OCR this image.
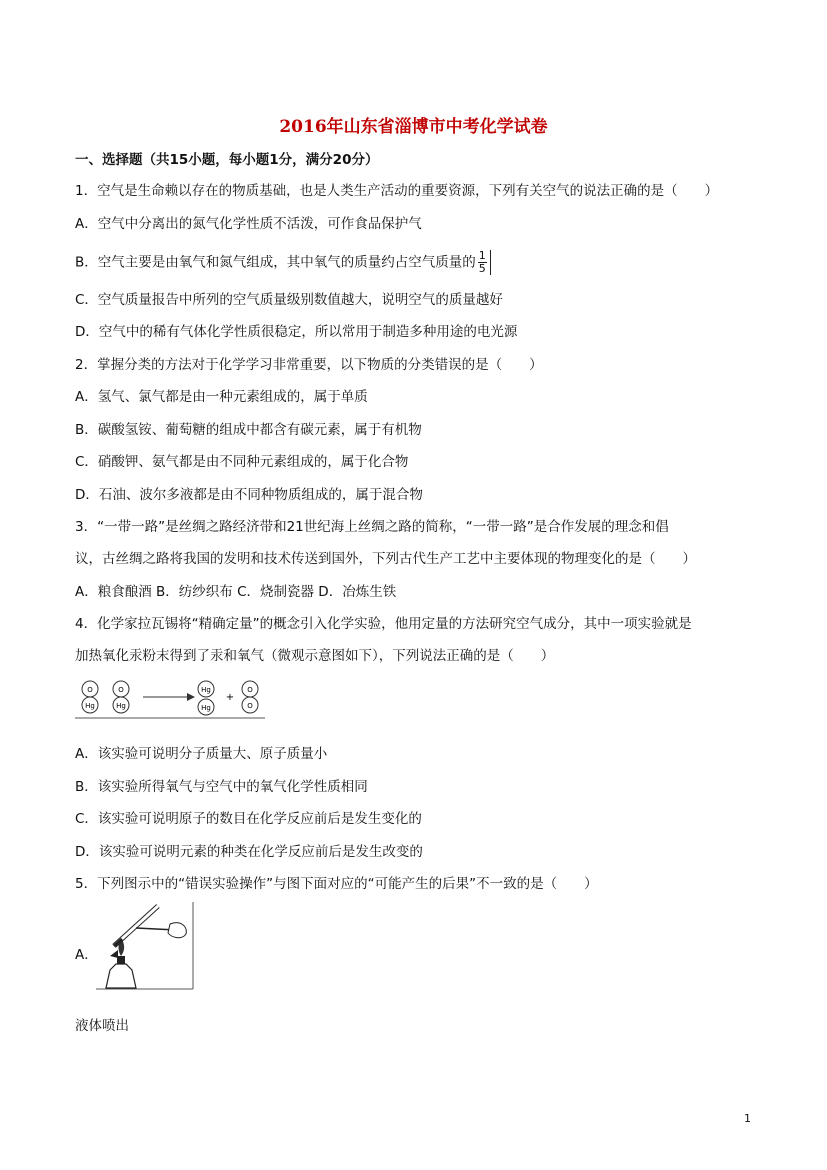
2016年山东省淄博市中考化学试卷
一、选择题（共15小题，每小题1分，满分20分）
1．空气是生命赖以存在的物质基础，也是人类生产活动的重要资源，下列有关空气的说法正确的是（　　）
A．空气中分离出的氮气化学性质不活泼，可作食品保护气
B．空气主要是由氧气和氮气组成，其中氧气的质量约占空气质量的 $\frac{1}{5}$
C．空气质量报告中所列的空气质量级别数值越大，说明空气的质量越好
D．空气中的稀有气体化学性质很稳定，所以常用于制造多种用途的电光源
2．掌握分类的方法对于化学学习非常重要，以下物质的分类错误的是（　　）
A．氢气、氯气都是由一种元素组成的，属于单质
B．碳酸氢铵、葡萄糖的组成中都含有碳元素，属于有机物
C．硝酸钾、氨气都是由不同种元素组成的，属于化合物
D．石油、波尔多液都是由不同种物质组成的，属于混合物
3．“一带一路”是丝绸之路经济带和21世纪海上丝绸之路的简称，“一带一路”是合作发展的理念和倡
议，古丝绸之路将我国的发明和技术传送到国外，下列古代生产工艺中主要体现的物理变化的是（　　）
A．粮食酿酒 B．纺纱织布 C．烧制瓷器 D．冶炼生铁
4．化学家拉瓦锡将“精确定量”的概念引入化学实验，他用定量的方法研究空气成分，其中一项实验就是
加热氧化汞粉末得到了汞和氧气（微观示意图如下），下列说法正确的是（　　）
O
Hg
O
Hg
Hg
Hg
+
O
O
A．该实验可说明分子质量大、原子质量小
B．该实验所得氧气与空气中的氧气化学性质相同
C．该实验可说明原子的数目在化学反应前后是发生变化的
D．该实验可说明元素的种类在化学反应前后是发生改变的
5．下列图示中的“错误实验操作”与图下面对应的“可能产生的后果”不一致的是（　　）
A．
液体喷出
1
